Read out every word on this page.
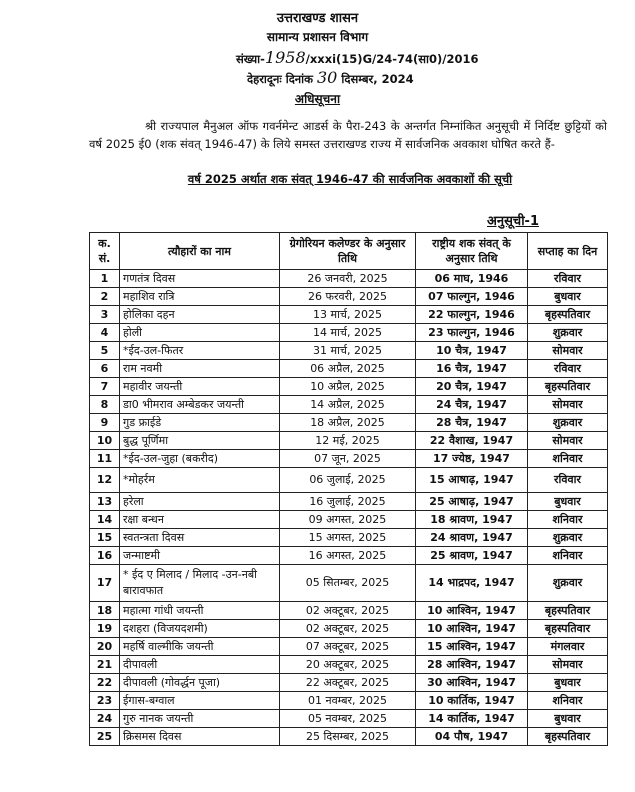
उत्तराखण्ड शासन
सामान्य प्रशासन विभाग
संख्या-1958/xxxi(15)G/24-74(सा0)/2016
देहरादूनः दिनांक 30 दिसम्बर, 2024
अधिसूचना
श्री राज्यपाल मैनुअल ऑफ गवर्नमेन्ट आडर्स के पैरा-243 के अन्तर्गत निम्नांकित अनुसूची में निर्दिष्ट छुट्टियों को वर्ष 2025 ई0 (शक संवत् 1946-47) के लिये समस्त उत्तराखण्ड राज्य में सार्वजनिक अवकाश घोषित करते हैं-
वर्ष 2025 अर्थात शक संवत् 1946-47 की सार्वजनिक अवकाशों की सूची
अनुसूची-1
क. सं.	त्यौहारों का नाम	ग्रेगोरियन कलेण्डर के अनुसार तिथि	राष्ट्रीय शक संवत् के अनुसार तिथि	सप्ताह का दिन
1	गणतंत्र दिवस	26 जनवरी, 2025	06 माघ, 1946	रविवार
2	महाशिव रात्रि	26 फरवरी, 2025	07 फाल्गुन, 1946	बुधवार
3	होलिका दहन	13 मार्च, 2025	22 फाल्गुन, 1946	बृहस्पतिवार
4	होली	14 मार्च, 2025	23 फाल्गुन, 1946	शुक्रवार
5	*ईद-उल-फितर	31 मार्च, 2025	10 चैत्र, 1947	सोमवार
6	राम नवमी	06 अप्रैल, 2025	16 चैत्र, 1947	रविवार
7	महावीर जयन्ती	10 अप्रैल, 2025	20 चैत्र, 1947	बृहस्पतिवार
8	डा0 भीमराव अम्बेडकर जयन्ती	14 अप्रैल, 2025	24 चैत्र, 1947	सोमवार
9	गुड फ्राईडे	18 अप्रैल, 2025	28 चैत्र, 1947	शुक्रवार
10	बुद्ध पूर्णिमा	12 मई, 2025	22 वैशाख, 1947	सोमवार
11	*ईद-उल-जुहा (बकरीद)	07 जून, 2025	17 ज्येष्ठ, 1947	शनिवार
12	*मोहर्रम	06 जुलाई, 2025	15 आषाढ़, 1947	रविवार
13	हरेला	16 जुलाई, 2025	25 आषाढ़, 1947	बुधवार
14	रक्षा बन्धन	09 अगस्त, 2025	18 श्रावण, 1947	शनिवार
15	स्वतन्त्रता दिवस	15 अगस्त, 2025	24 श्रावण, 1947	शुक्रवार
16	जन्माष्टमी	16 अगस्त, 2025	25 श्रावण, 1947	शनिवार
17	* ईद ए मिलाद / मिलाद -उन-नबी बारावफात	05 सितम्बर, 2025	14 भाद्रपद, 1947	शुक्रवार
18	महात्मा गांधी जयन्ती	02 अक्टूबर, 2025	10 आश्विन, 1947	बृहस्पतिवार
19	दशहरा (विजयदशमी)	02 अक्टूबर, 2025	10 आश्विन, 1947	बृहस्पतिवार
20	महर्षि वाल्मीकि जयन्ती	07 अक्टूबर, 2025	15 आश्विन, 1947	मंगलवार
21	दीपावली	20 अक्टूबर, 2025	28 आश्विन, 1947	सोमवार
22	दीपावली (गोवर्द्धन पूजा)	22 अक्टूबर, 2025	30 आश्विन, 1947	बुधवार
23	ईगास-बग्वाल	01 नवम्बर, 2025	10 कार्तिक, 1947	शनिवार
24	गुरु नानक जयन्ती	05 नवम्बर, 2025	14 कार्तिक, 1947	बुधवार
25	क्रिसमस दिवस	25 दिसम्बर, 2025	04 पौष, 1947	बृहस्पतिवार
